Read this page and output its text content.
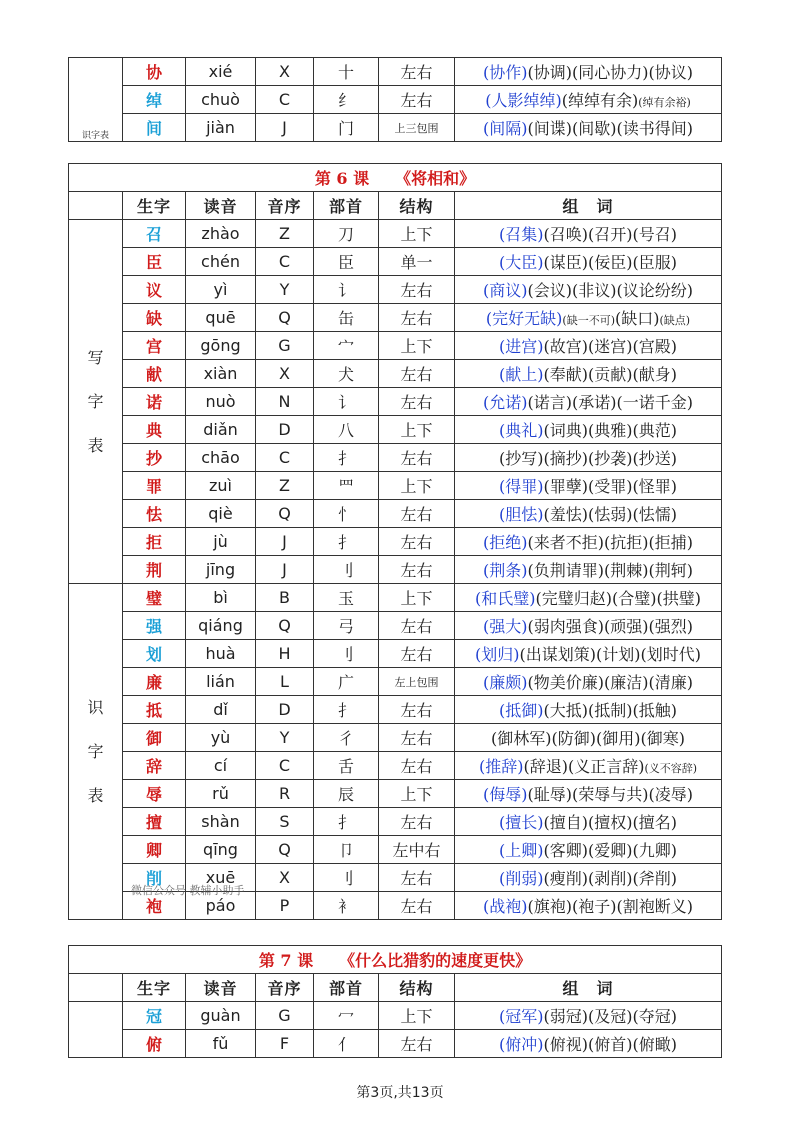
识字表	协	xié	X	十	左右	(协作)(协调)(同心协力)(协议)
	绰	chuò	C	纟	左右	(人影绰绰)(绰绰有余)(绰有余裕)
	间	jiàn	J	门	上三包围	(间隔)(间谍)(间歇)(读书得间)
第 6 课 《将相和》						
	生字	读音	音序	部首	结构	组　词

写
字
表	召	zhào	Z	刀	上下	(召集)(召唤)(召开)(号召)
	臣	chén	C	臣	单一	(大臣)(谋臣)(佞臣)(臣服)
	议	yì	Y	讠	左右	(商议)(会议)(非议)(议论纷纷)
	缺	quē	Q	缶	左右	(完好无缺)(缺一不可)(缺口)(缺点)
	宫	gōng	G	宀	上下	(进宫)(故宫)(迷宫)(宫殿)
	献	xiàn	X	犬	左右	(献上)(奉献)(贡献)(献身)
	诺	nuò	N	讠	左右	(允诺)(诺言)(承诺)(一诺千金)
	典	diǎn	D	八	上下	(典礼)(词典)(典雅)(典范)
	抄	chāo	C	扌	左右	(抄写)(摘抄)(抄袭)(抄送)
	罪	zuì	Z	罒	上下	(得罪)(罪孽)(受罪)(怪罪)
	怯	qiè	Q	忄	左右	(胆怯)(羞怯)(怯弱)(怯懦)
	拒	jù	J	扌	左右	(拒绝)(来者不拒)(抗拒)(拒捕)
	荆	jīng	J	刂	左右	(荆条)(负荆请罪)(荆棘)(荆轲)

识
字
表	璧	bì	B	玉	上下	(和氏璧)(完璧归赵)(合璧)(拱璧)
	强	qiáng	Q	弓	左右	(强大)(弱肉强食)(顽强)(强烈)
	划	huà	H	刂	左右	(划归)(出谋划策)(计划)(划时代)
	廉	lián	L	广	左上包围	(廉颇)(物美价廉)(廉洁)(清廉)
	抵	dǐ	D	扌	左右	(抵御)(大抵)(抵制)(抵触)
	御	yù	Y	彳	左右	(御林军)(防御)(御用)(御寒)
	辞	cí	C	舌	左右	(推辞)(辞退)(义正言辞)(义不容辞)
	辱	rǔ	R	辰	上下	(侮辱)(耻辱)(荣辱与共)(凌辱)
	擅	shàn	S	扌	左右	(擅长)(擅自)(擅权)(擅名)
	卿	qīng	Q	卩	左中右	(上卿)(客卿)(爱卿)(九卿)
	削	xuē	X	刂	左右	(削弱)(瘦削)(剥削)(斧削)
	袍	páo	P	衤	左右	(战袍)(旗袍)(袍子)(割袍断义)
微信公众号 教辅小助手
第 7 课 《什么比猎豹的速度更快》						
	生字	读音	音序	部首	结构	组　词
	冠	guàn	G	冖	上下	(冠军)(弱冠)(及冠)(夺冠)
	俯	fǔ	F	亻	左右	(俯冲)(俯视)(俯首)(俯瞰)
第3页,共13页
